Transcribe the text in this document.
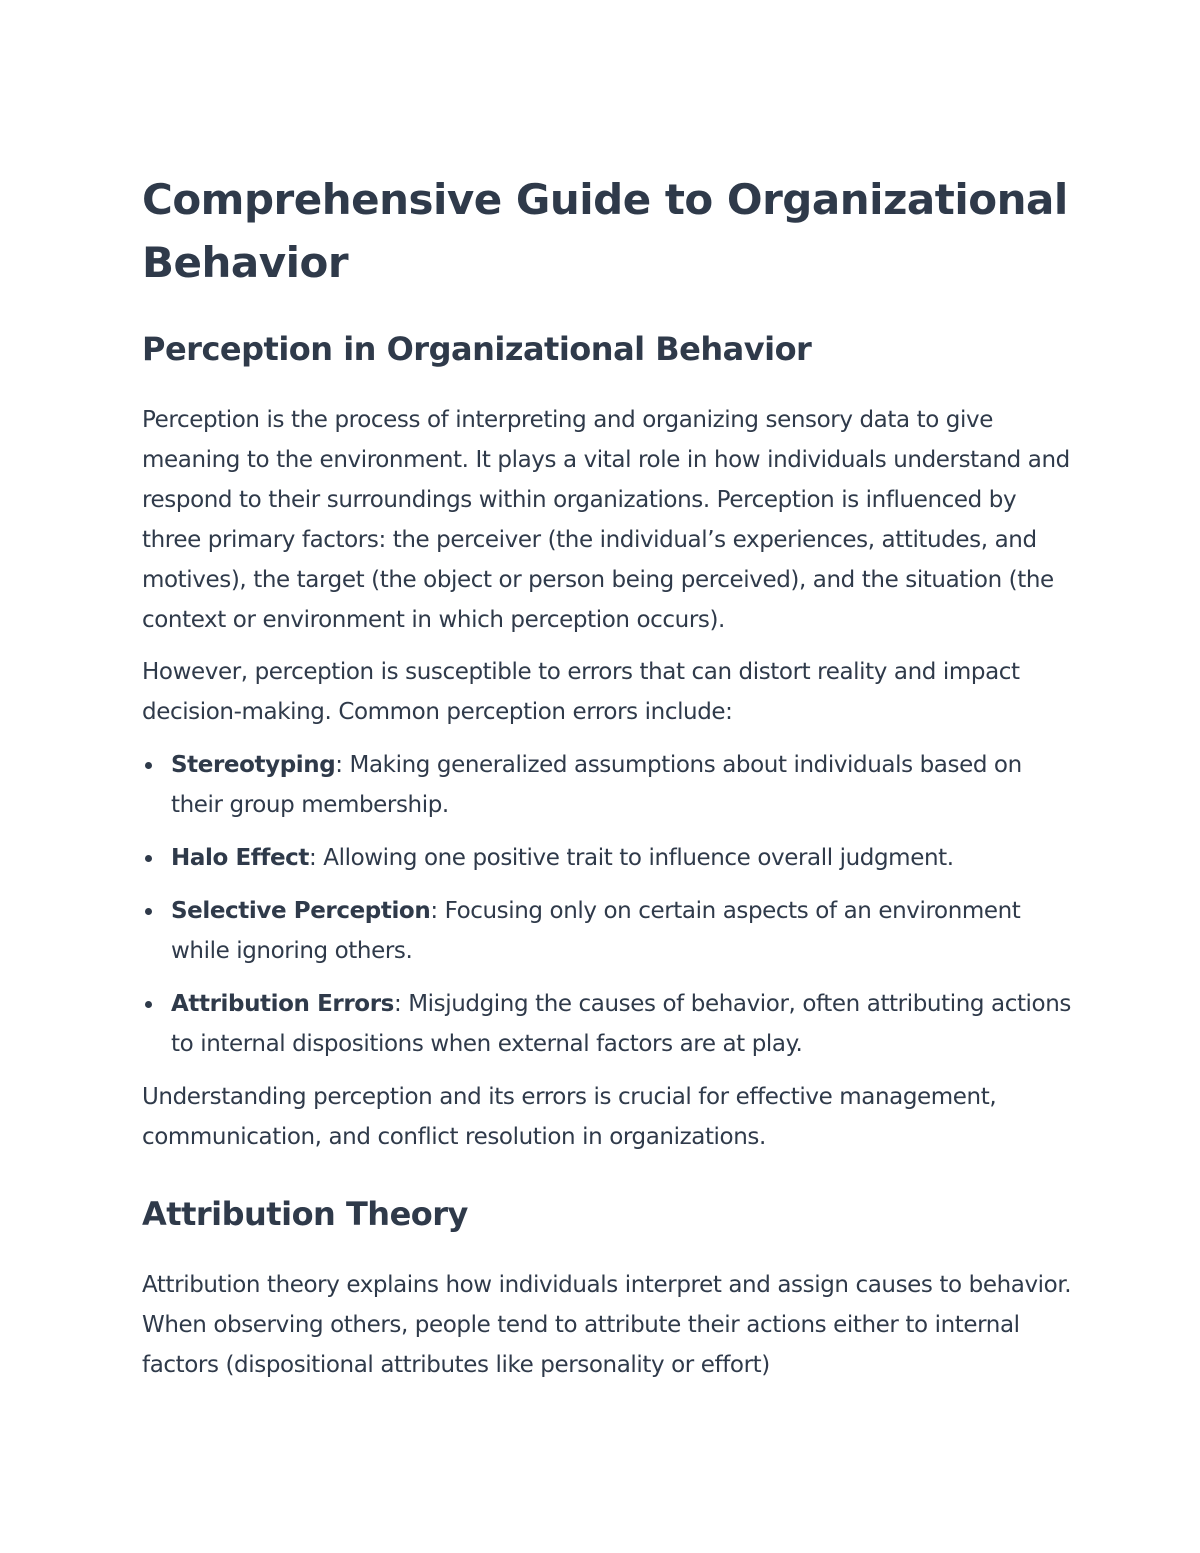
Comprehensive Guide to Organizational Behavior
Perception in Organizational Behavior

Perception is the process of interpreting and organizing sensory data to give meaning to the environment. It plays a vital role in how individuals understand and respond to their surroundings within organizations. Perception is influenced by three primary factors: the perceiver (the individual’s experiences, attitudes, and motives), the target (the object or person being perceived), and the situation (the context or environment in which perception occurs).

However, perception is susceptible to errors that can distort reality and impact decision-making. Common perception errors include:

Stereotyping: Making generalized assumptions about individuals based on their group membership.
Halo Effect: Allowing one positive trait to influence overall judgment.
Selective Perception: Focusing only on certain aspects of an environment while ignoring others.
Attribution Errors: Misjudging the causes of behavior, often attributing actions to internal dispositions when external factors are at play.

Understanding perception and its errors is crucial for effective management, communication, and conflict resolution in organizations.

Attribution Theory

Attribution theory explains how individuals interpret and assign causes to behavior. When observing others, people tend to attribute their actions either to internal factors (dispositional attributes like personality or effort)
